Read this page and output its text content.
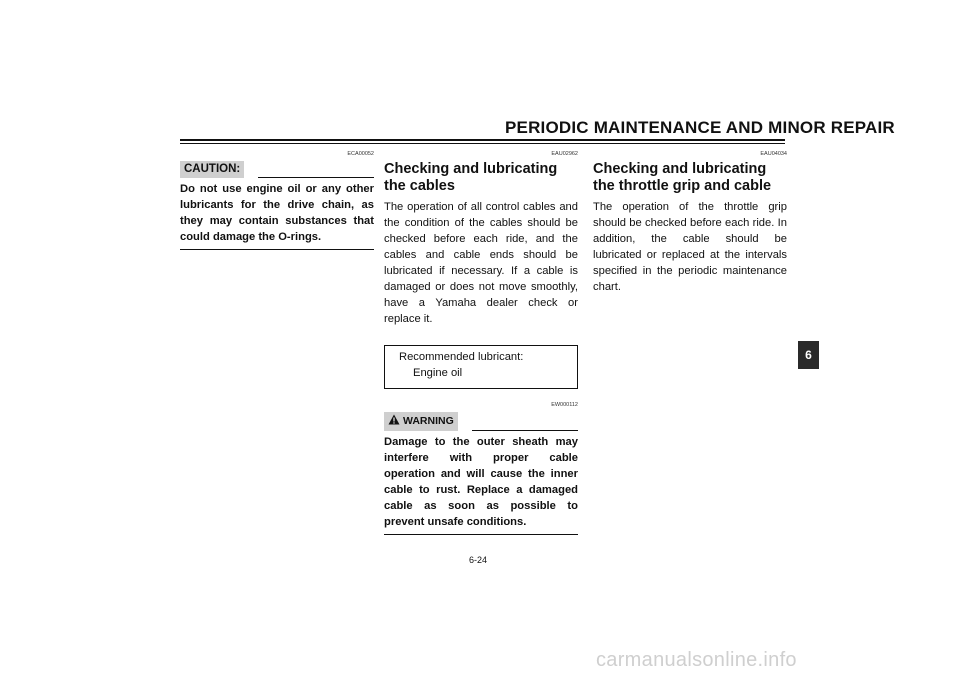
PERIODIC MAINTENANCE AND MINOR REPAIR
ECA00052
CAUTION:
Do not use engine oil or any other lubricants for the drive chain, as they may contain substances that could damage the O-rings.
EAU02962
Checking and lubricating the cables

The operation of all control cables and the condition of the cables should be checked before each ride, and the cables and cable ends should be lubricated if necessary. If a cable is damaged or does not move smoothly, have a Yamaha dealer check or replace it.

Recommended lubricant:
Engine oil
EW000112
WARNING
Damage to the outer sheath may interfere with proper cable operation and will cause the inner cable to rust. Replace a damaged cable as soon as possible to prevent unsafe conditions.
EAU04034
Checking and lubricating the throttle grip and cable

The operation of the throttle grip should be checked before each ride. In addition, the cable should be lubricated or replaced at the intervals specified in the periodic maintenance chart.

6
6-24
carmanualsonline.info
